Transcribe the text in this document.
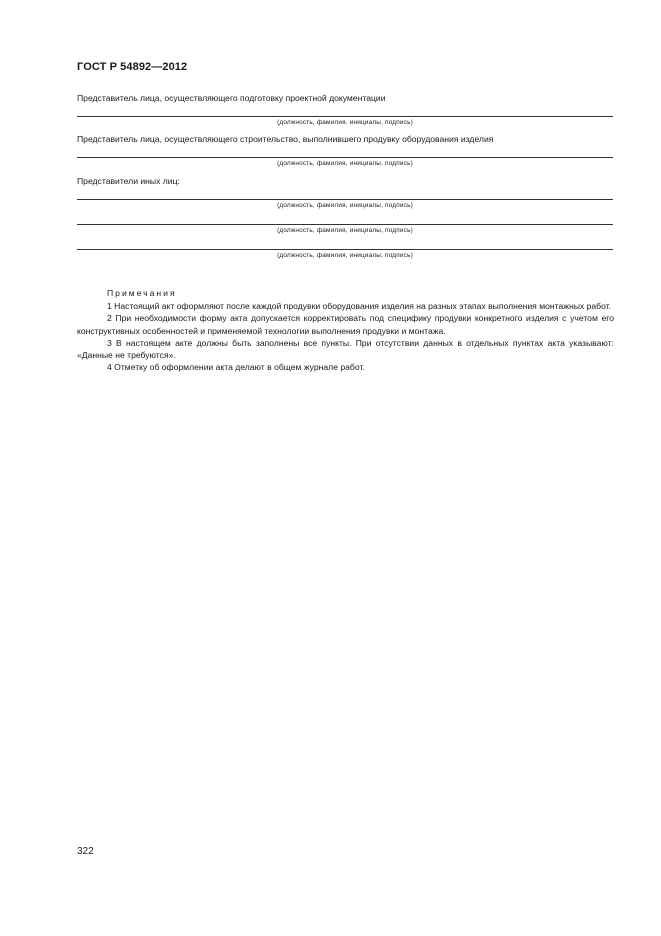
ГОСТ Р 54892—2012
Представитель лица, осуществляющего подготовку проектной документации
(должность, фамилия. инициалы, подпись)
Представитель лица, осуществляющего строительство, выполнившего продувку оборудования изделия
(должность, фамилия, инициалы. подпись)
Представители иных лиц:
(должность, фамилия, инициалы, подпись)
(должность, фамилия, инициалы, подпись)
(должность, фамилия, инициалы, подпись)
Примечания

1 Настоящий акт оформляют после каждой продувки оборудования изделия на разных этапах выполнения монтажных работ.

2 При необходимости форму акта допускается корректировать под специфику продувки конкретного изделия с учетом его конструктивных особенностей и применяемой технологии выполнения продувки и монтажа.

3 В настоящем акте должны быть заполнены все пункты. При отсутствии данных в отдельных пунктах акта указывают: «Данные не требуются».

4 Отметку об оформлении акта делают в общем журнале работ.

322
